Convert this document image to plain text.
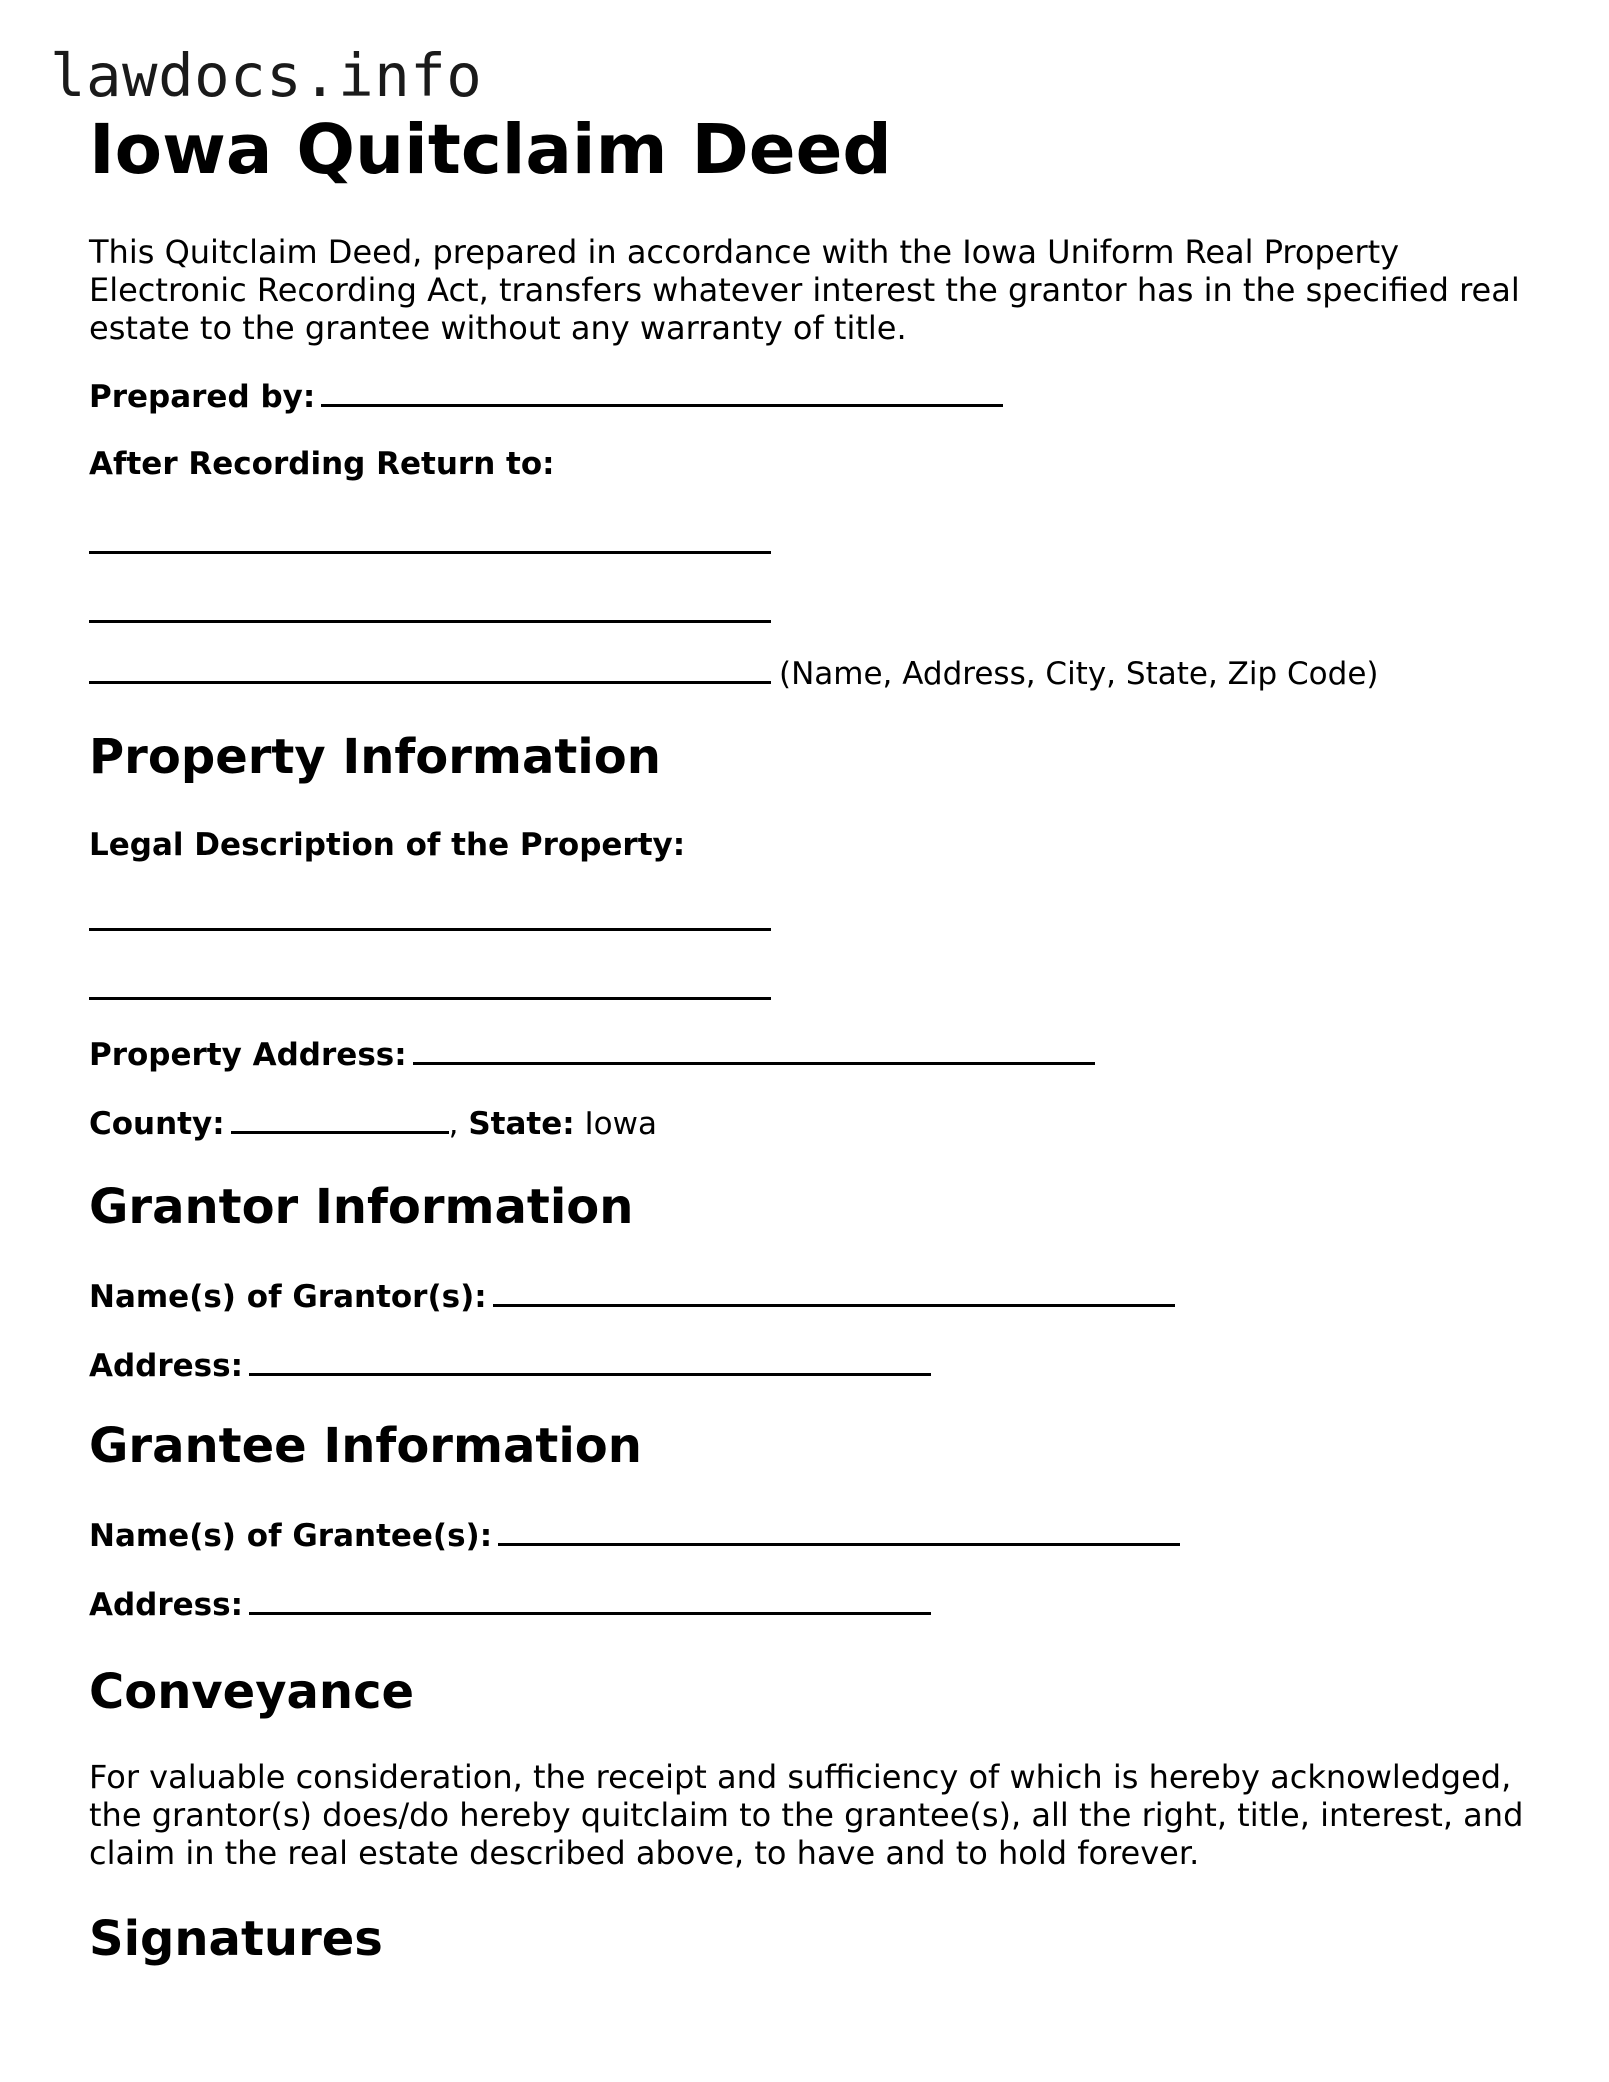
lawdocs.info
Iowa Quitclaim Deed
This Quitclaim Deed, prepared in accordance with the Iowa Uniform Real Property Electronic Recording Act, transfers whatever interest the grantor has in the specified real estate to the grantee without any warranty of title.
Prepared by:
After Recording Return to:
(Name, Address, City, State, Zip Code)
Property Information
Legal Description of the Property:
Property Address:
County:	, State: Iowa
Grantor Information
Name(s) of Grantor(s):
Address:
Grantee Information
Name(s) of Grantee(s):
Address:
Conveyance
For valuable consideration, the receipt and sufficiency of which is hereby acknowledged, the grantor(s) does/do hereby quitclaim to the grantee(s), all the right, title, interest, and claim in the real estate described above, to have and to hold forever.
Signatures
